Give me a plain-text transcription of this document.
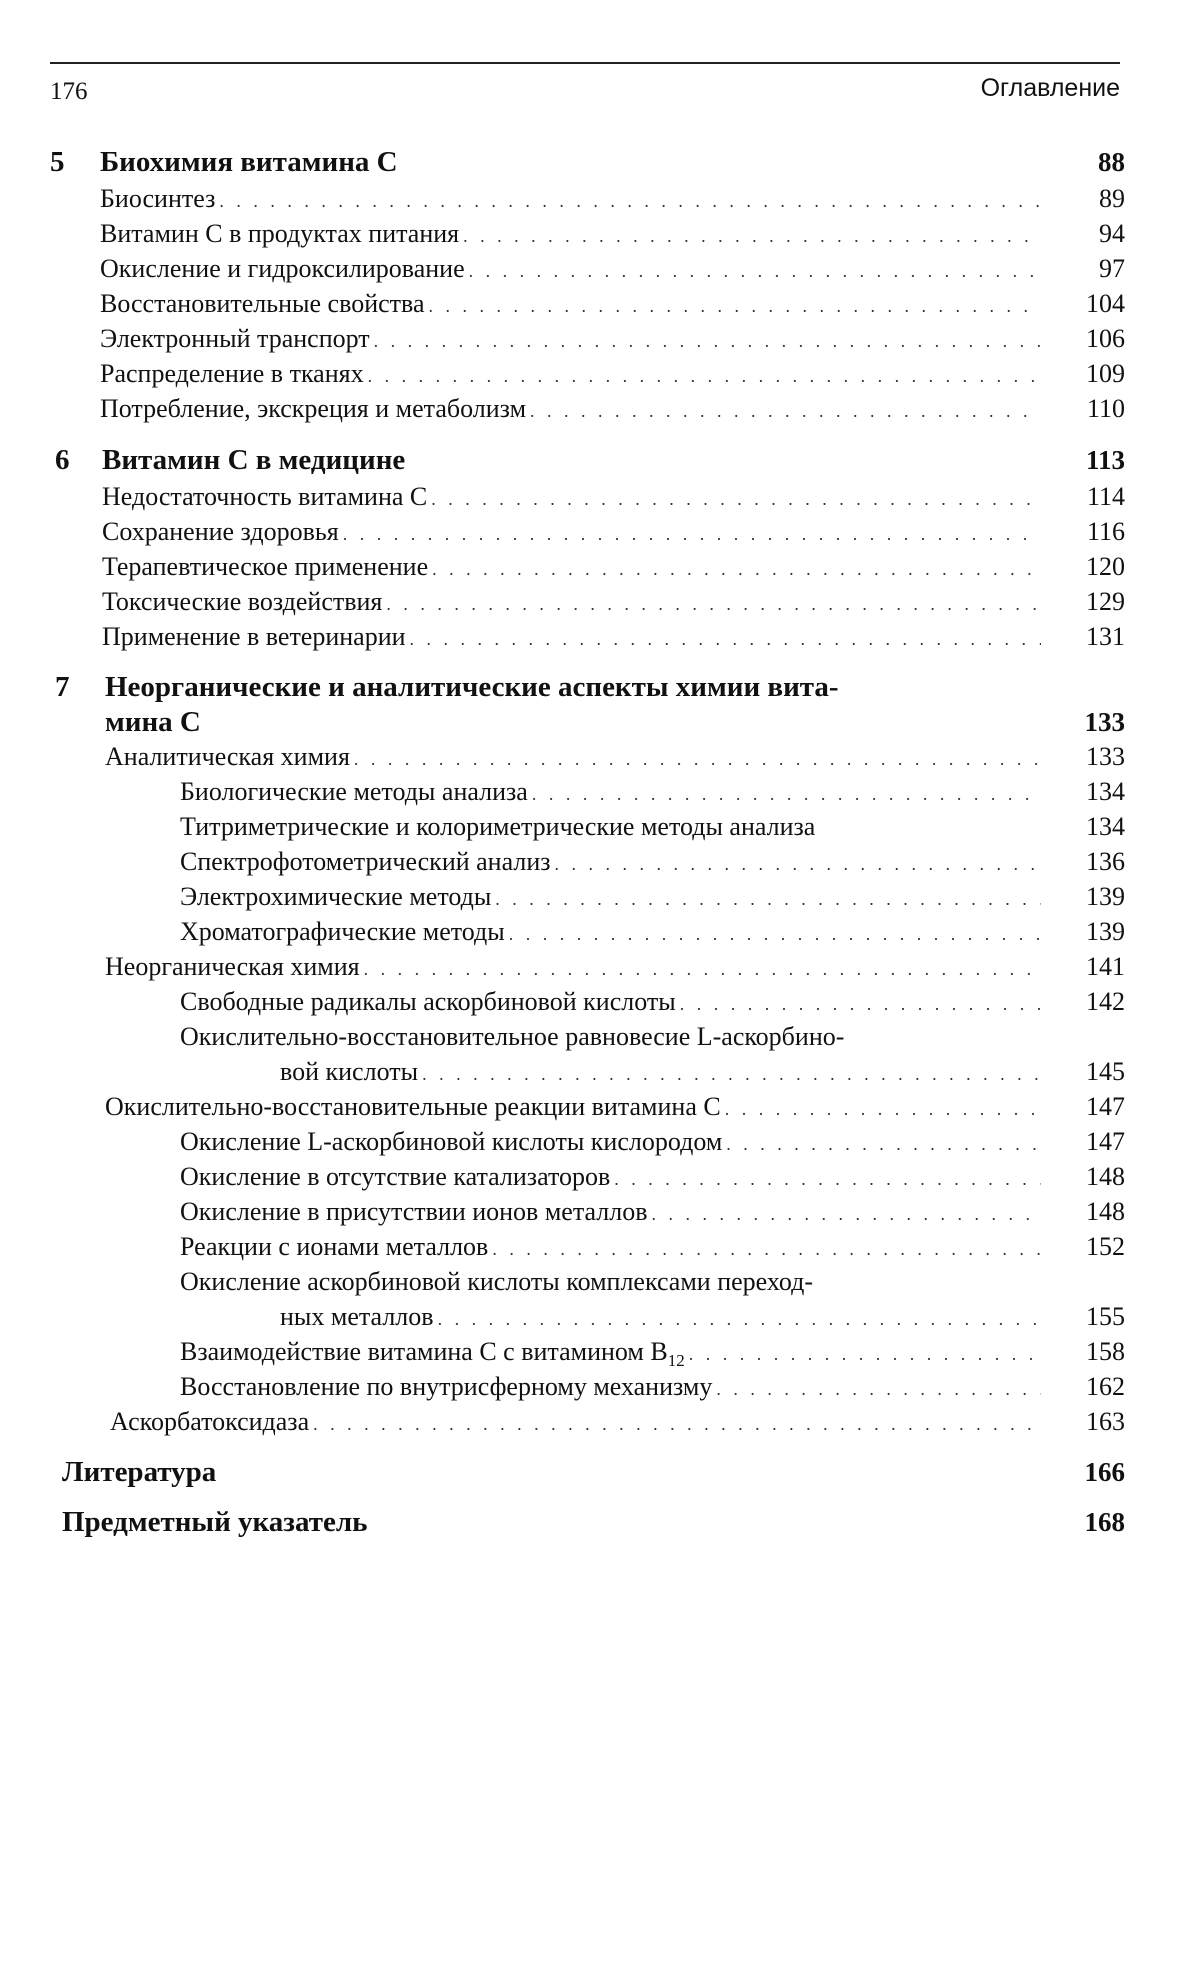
176	Оглавление
5	Биохимия витамина С	88
Биосинтез . . .	89
Витамин С в продуктах питания . . .	94
Окисление и гидроксилирование . . .	97
Восстановительные свойства . . .	104
Электронный транспорт . . .	106
Распределение в тканях . . .	109
Потребление, экскреция и метаболизм . . .	110
6	Витамин С в медицине	113
Недостаточность витамина С . . .	114
Сохранение здоровья . . .	116
Терапевтическое применение . . .	120
Токсические воздействия . . .	129
Применение в ветеринарии . . .	131
7 Неорганические и аналитические аспекты химии вита-
мина С	133
Аналитическая химия . . .	133
Биологические методы анализа . . .	134
Титриметрические и колориметрические методы анализа	134
Спектрофотометрический анализ . . .	136
Электрохимические методы . . .	139
Хроматографические методы . . .	139
Неорганическая химия . . .	141
Свободные радикалы аскорбиновой кислоты . . .	142
Окислительно-восстановительное равновесие L-аскорбино-
вой кислоты . . .	145
Окислительно-восстановительные реакции витамина С . . .	147
Окисление L-аскорбиновой кислоты кислородом . . .	147
Окисление в отсутствие катализаторов . . .	148
Окисление в присутствии ионов металлов . . .	148
Реакции с ионами металлов . . .	152
Окисление аскорбиновой кислоты комплексами переход-
ных металлов . . .	155
Взаимодействие витамина С с витамином $B_{12}$ . . .	158
Восстановление по внутрисферному механизму . . .	162
Аскорбатоксидаза . . .	163
Литература	166
Предметный указатель	168
